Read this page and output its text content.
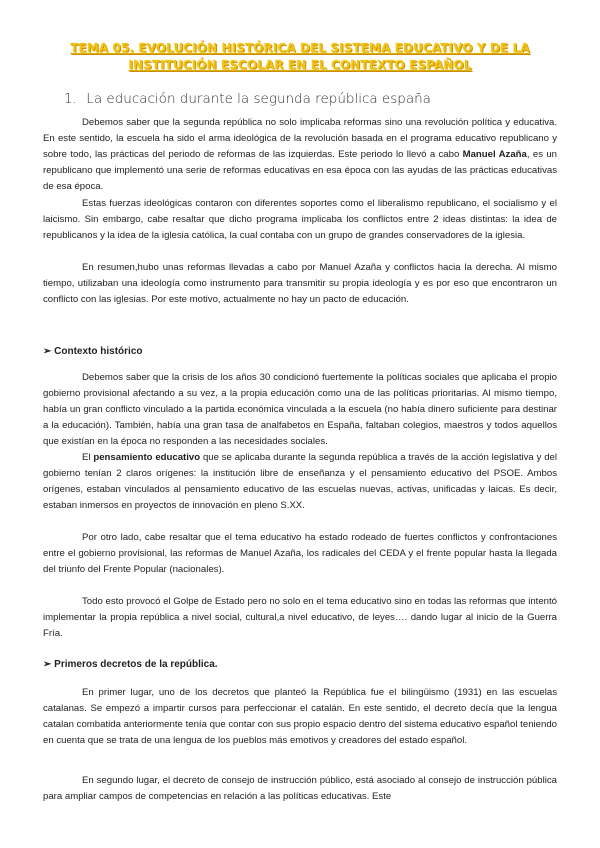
TEMA 05. EVOLUCIÓN HISTÓRICA DEL SISTEMA EDUCATIVO Y DE LA INSTITUCIÓN ESCOLAR EN EL CONTEXTO ESPAÑOL
1. La educación durante la segunda república españa

Debemos saber que la segunda república no solo implicaba reformas sino una revolución política y educativa. En este sentido, la escuela ha sido el arma ideológica de la revolución basada en el programa educativo republicano y sobre todo, las prácticas del periodo de reformas de las izquierdas. Este periodo lo llevó a cabo Manuel Azaña, es un republicano que implementó una serie de reformas educativas en esa época con las ayudas de las prácticas educativas de esa época.

Estas fuerzas ideológicas contaron con diferentes soportes como el liberalismo republicano, el socialismo y el laicismo. Sin embargo, cabe resaltar que dicho programa implicaba los conflictos entre 2 ideas distintas: la idea de republicanos y la idea de la iglesia católica, la cual contaba con un grupo de grandes conservadores de la iglesia.

En resumen,hubo unas reformas llevadas a cabo por Manuel Azaña y conflictos hacia la derecha. Al mismo tiempo, utilizaban una ideología como instrumento para transmitir su propia ideología y es por eso que encontraron un conflicto con las iglesias. Por este motivo, actualmente no hay un pacto de educación.

➢ Contexto histórico

Debemos saber que la crisis de los años 30 condicionó fuertemente la políticas sociales que aplicaba el propio gobierno provisional afectando a su vez, a la propia educación como una de las políticas prioritarias. Al mismo tiempo, había un gran conflicto vinculado a la partida económica vinculada a la escuela (no había dinero suficiente para destinar a la educación). También, había una gran tasa de analfabetos en España, faltaban colegios, maestros y todos aquellos que existían en la época no responden a las necesidades sociales.

El pensamiento educativo que se aplicaba durante la segunda república a través de la acción legislativa y del gobierno tenían 2 claros orígenes: la institución libre de enseñanza y el pensamiento educativo del PSOE. Ambos orígenes, estaban vinculados al pensamiento educativo de las escuelas nuevas, activas, unificadas y laicas. Es decir, estaban inmersos en proyectos de innovación en pleno S.XX.

Por otro lado, cabe resaltar que el tema educativo ha estado rodeado de fuertes conflictos y confrontaciones entre el gobierno provisional, las reformas de Manuel Azaña, los radicales del CEDA y el frente popular hasta la llegada del triunfo del Frente Popular (nacionales).

Todo esto provocó el Golpe de Estado pero no solo en el tema educativo sino en todas las reformas que intentó implementar la propia república a nivel social, cultural,a nivel educativo, de leyes…. dando lugar al inicio de la Guerra Fría.

➢ Primeros decretos de la república.

En primer lugar, uno de los decretos que planteó la República fue el bilingüismo (1931) en las escuelas catalanas. Se empezó a impartir cursos para perfeccionar el catalán. En este sentido, el decreto decía que la lengua catalan combatida anteriormente tenía que contar con sus propio espacio dentro del sistema educativo español teniendo en cuenta que se trata de una lengua de los pueblos más emotivos y creadores del estado español.

En segundo lugar, el decreto de consejo de instrucción público, está asociado al consejo de instrucción pública para ampliar campos de competencias en relación a las políticas educativas. Este
